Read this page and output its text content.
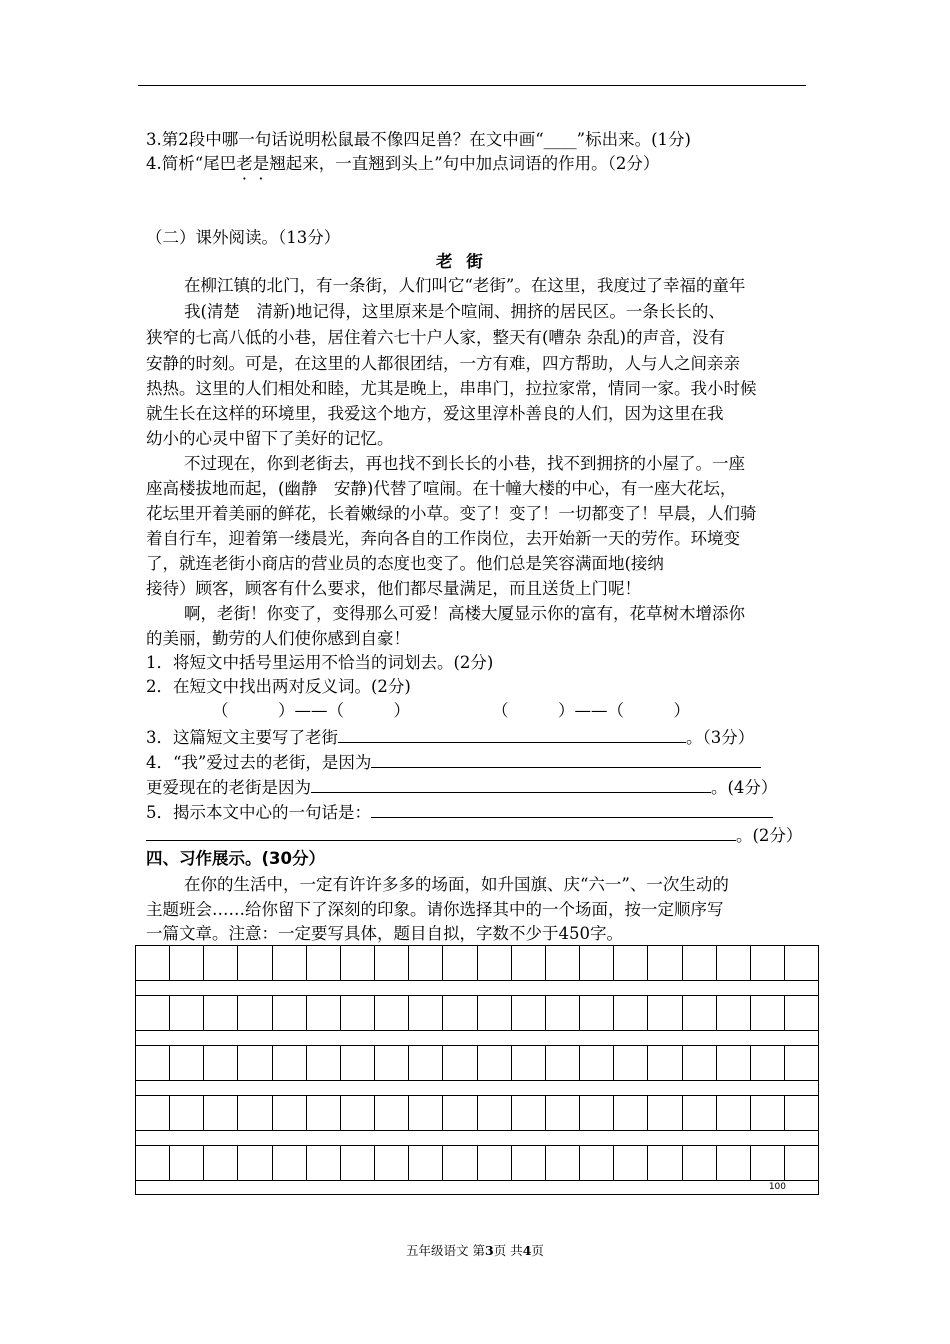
3.第2段中哪一句话说明松鼠最不像四足兽？在文中画“____”标出来。(1分)
4.简析“尾巴老是翘起来，一直翘到头上”句中加点词语的作用。（2分）
（二）课外阅读。（13分）
老 街
在柳江镇的北门，有一条街，人们叫它“老街”。在这里，我度过了幸福的童年
我(清楚　清新)地记得，这里原来是个喧闹、拥挤的居民区。一条长长的、
狭窄的七高八低的小巷，居住着六七十户人家，整天有(嘈杂 杂乱)的声音，没有
安静的时刻。可是，在这里的人都很团结，一方有难，四方帮助，人与人之间亲亲
热热。这里的人们相处和睦，尤其是晚上，串串门，拉拉家常，情同一家。我小时候
就生长在这样的环境里，我爱这个地方，爱这里淳朴善良的人们，因为这里在我
幼小的心灵中留下了美好的记忆。
不过现在，你到老街去，再也找不到长长的小巷，找不到拥挤的小屋了。一座
座高楼拔地而起，(幽静　安静)代替了喧闹。在十幢大楼的中心，有一座大花坛，
花坛里开着美丽的鲜花，长着嫩绿的小草。变了！变了！一切都变了！早晨，人们骑
着自行车，迎着第一缕晨光，奔向各自的工作岗位，去开始新一天的劳作。环境变
了，就连老街小商店的营业员的态度也变了。他们总是笑容满面地(接纳
接待）顾客，顾客有什么要求，他们都尽量满足，而且送货上门呢！
啊，老街！你变了，变得那么可爱！高楼大厦显示你的富有，花草树木增添你
的美丽，勤劳的人们使你感到自豪！
1．将短文中括号里运用不恰当的词划去。(2分)
2．在短文中找出两对反义词。(2分)
（　　　）——（　　　）	（　　　）——（　　　）
3．这篇短文主要写了老街	。（3分）
4．“我”爱过去的老街，是因为
更爱现在的老街是因为	。(4分）
5．揭示本文中心的一句话是：
。(2分）
四、习作展示。(30分）
在你的生活中，一定有许许多多的场面，如升国旗、庆“六一”、一次生动的
主题班会……给你留下了深刻的印象。请你选择其中的一个场面，按一定顺序写
一篇文章。注意：一定要写具体，题目自拟，字数不少于450字。
100
五年级语文 第3页 共4页
